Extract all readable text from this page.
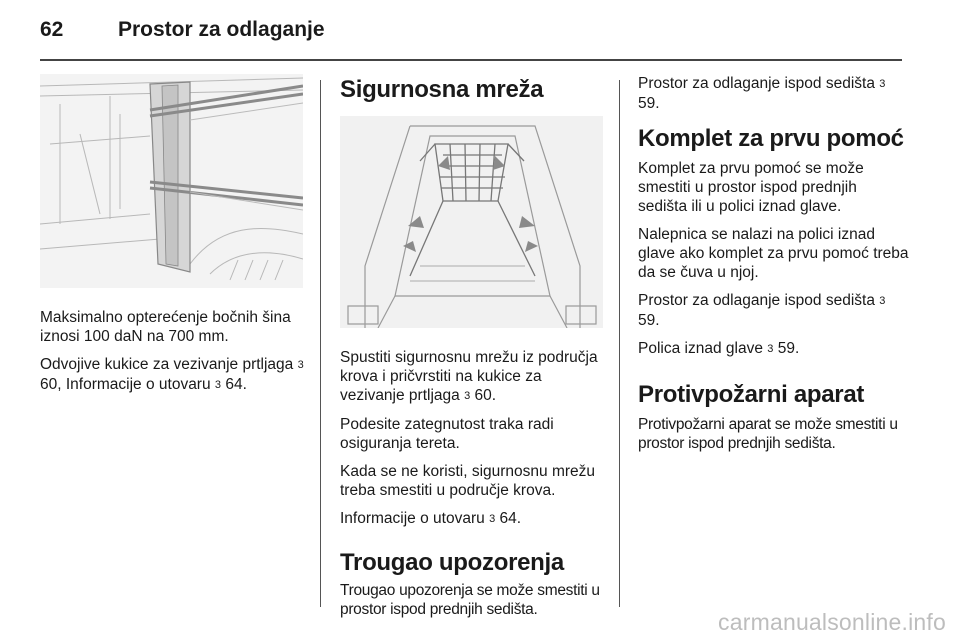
62	Prostor za odlaganje

Maksimalno opterećenje bočnih šina iznosi 100 daN na 700 mm.

Odvojive kukice za vezivanje prtljaga 3 60, Informacije o utovaru 3 64.

Sigurnosna mreža

Spustiti sigurnosnu mrežu iz područja krova i pričvrstiti na kukice za vezivanje prtljaga 3 60.

Podesite zategnutost traka radi osiguranja tereta.

Kada se ne koristi, sigurnosnu mrežu treba smestiti u područje krova.

Informacije o utovaru 3 64.

Trougao upozorenja

Trougao upozorenja se može smestiti u prostor ispod prednjih sedišta.

Prostor za odlaganje ispod sedišta 3 59.

Komplet za prvu pomoć

Komplet za prvu pomoć se može smestiti u prostor ispod prednjih sedišta ili u polici iznad glave.

Nalepnica se nalazi na polici iznad glave ako komplet za prvu pomoć treba da se čuva u njoj.

Prostor za odlaganje ispod sedišta 3 59.

Polica iznad glave 3 59.

Protivpožarni aparat

Protivpožarni aparat se može smestiti u prostor ispod prednjih sedišta.

carmanualsonline.info
